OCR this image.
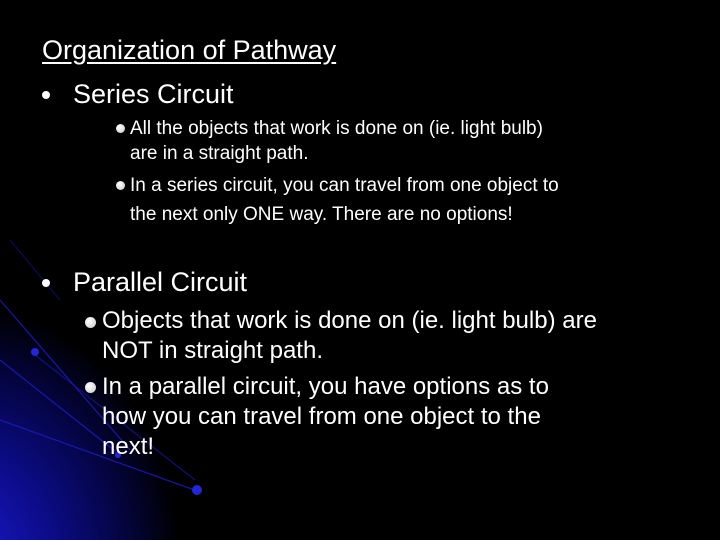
Organization of Pathway
Series Circuit
All the objects that work is done on (ie. light bulb)
are in a straight path.
In a series circuit, you can travel from one object to
the next only ONE way. There are no options!
Parallel Circuit
Objects that work is done on (ie. light bulb) are
NOT in straight path.
In a parallel circuit, you have options as to
how you can travel from one object to the
next!
